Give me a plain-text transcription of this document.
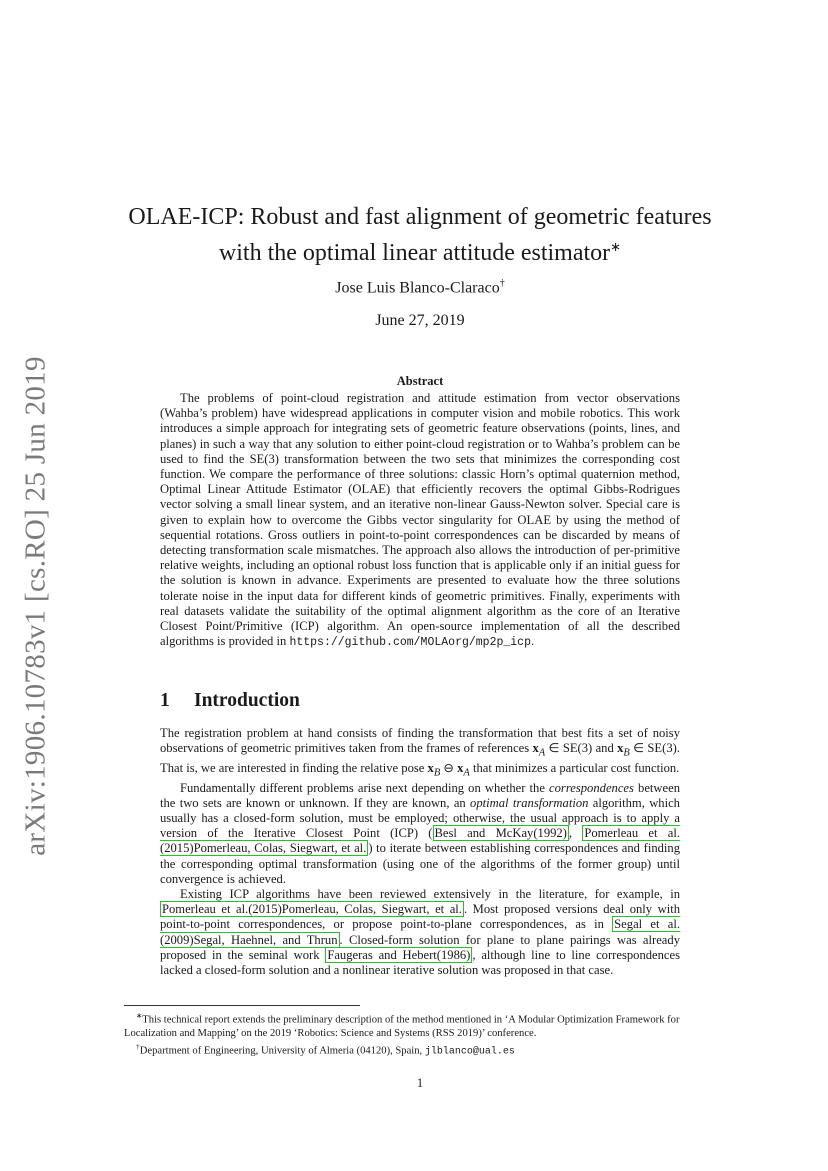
arXiv:1906.10783v1 [cs.RO] 25 Jun 2019

OLAE-ICP: Robust and fast alignment of geometric features

with the optimal linear attitude estimator∗

Jose Luis Blanco-Claraco†
June 27, 2019
Abstract

The problems of point-cloud registration and attitude estimation from vector observations (Wahba’s problem) have widespread applications in computer vision and mobile robotics. This work introduces a simple approach for integrating sets of geometric feature observations (points, lines, and planes) in such a way that any solution to either point-cloud registration or to Wahba’s problem can be used to find the SE(3) transformation between the two sets that minimizes the corresponding cost function. We compare the performance of three solutions: classic Horn’s optimal quaternion method, Optimal Linear Attitude Estimator (OLAE) that efficiently recovers the optimal Gibbs-Rodrigues vector solving a small linear system, and an iterative non-linear Gauss-Newton solver. Special care is given to explain how to overcome the Gibbs vector singularity for OLAE by using the method of sequential rotations. Gross outliers in point-to-point correspondences can be discarded by means of detecting transformation scale mismatches. The approach also allows the introduction of per-primitive relative weights, including an optional robust loss function that is applicable only if an initial guess for the solution is known in advance. Experiments are presented to evaluate how the three solutions tolerate noise in the input data for different kinds of geometric primitives. Finally, experiments with real datasets validate the suitability of the optimal alignment algorithm as the core of an Iterative Closest Point/Primitive (ICP) algorithm. An open-source implementation of all the described algorithms is provided in https://github.com/MOLAorg/mp2p_icp.

1 Introduction

The registration problem at hand consists of finding the transformation that best fits a set of noisy observations of geometric primitives taken from the frames of references $x_A$ ∈ SE(3) and $x_B$ ∈ SE(3). That is, we are interested in finding the relative pose $x_B$ ⊖ $x_A$ that minimizes a particular cost function.

Fundamentally different problems arise next depending on whether the correspondences between the two sets are known or unknown. If they are known, an optimal transformation algorithm, which usually has a closed-form solution, must be employed; otherwise, the usual approach is to apply a version of the Iterative Closest Point (ICP) ( Besl and McKay(1992) , Pomerleau et al.(2015)Pomerleau, Colas, Siegwart, et al. ) to iterate between establishing correspondences and finding the corresponding optimal transformation (using one of the algorithms of the former group) until convergence is achieved.

Existing ICP algorithms have been reviewed extensively in the literature, for example, in Pomerleau et al.(2015)Pomerleau, Colas, Siegwart, et al. . Most proposed versions deal only with point-to-point correspondences, or propose point-to-plane correspondences, as in Segal et al.(2009)Segal, Haehnel, and Thrun . Closed-form solution for plane to plane pairings was already proposed in the seminal work Faugeras and Hebert(1986) , although line to line correspondences lacked a closed-form solution and a nonlinear iterative solution was proposed in that case.

∗This technical report extends the preliminary description of the method mentioned in ‘A Modular Optimization Framework for Localization and Mapping’ on the 2019 ‘Robotics: Science and Systems (RSS 2019)’ conference.

†Department of Engineering, University of Almeria (04120), Spain, jlblanco@ual.es

1
